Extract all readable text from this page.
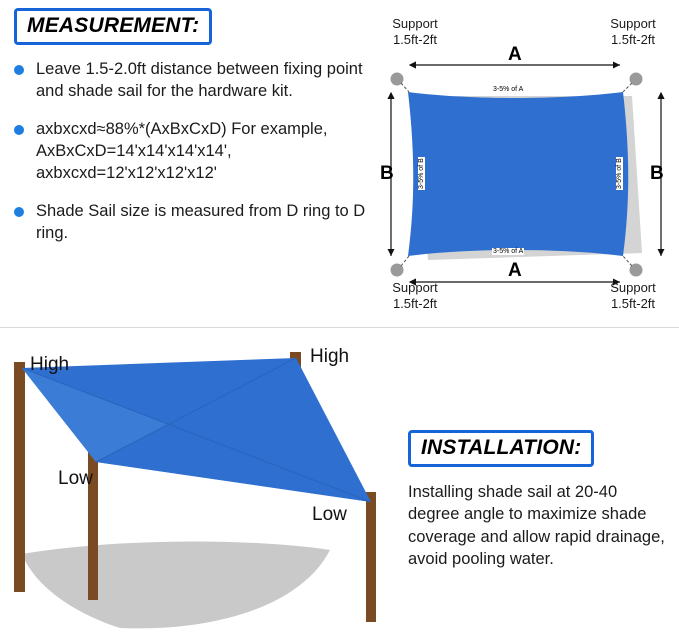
MEASUREMENT:
Leave 1.5-2.0ft distance between fixing point and shade sail for the hardware kit.
axbxcxd≈88%*(AxBxCxD) For example, AxBxCxD=14'x14'x14'x14', axbxcxd=12'x12'x12'x12'
Shade Sail size is measured from D ring to D ring.
Support
1.5ft-2ft
Support
1.5ft-2ft
Support
1.5ft-2ft
Support
1.5ft-2ft
A
A
B	B
3-5% of A
3-5% of A
3-5% of B	3-5% of B
High	High
Low
Low
INSTALLATION:
Installing shade sail at 20-40 degree angle to maximize shade coverage and allow rapid drainage, avoid pooling water.
